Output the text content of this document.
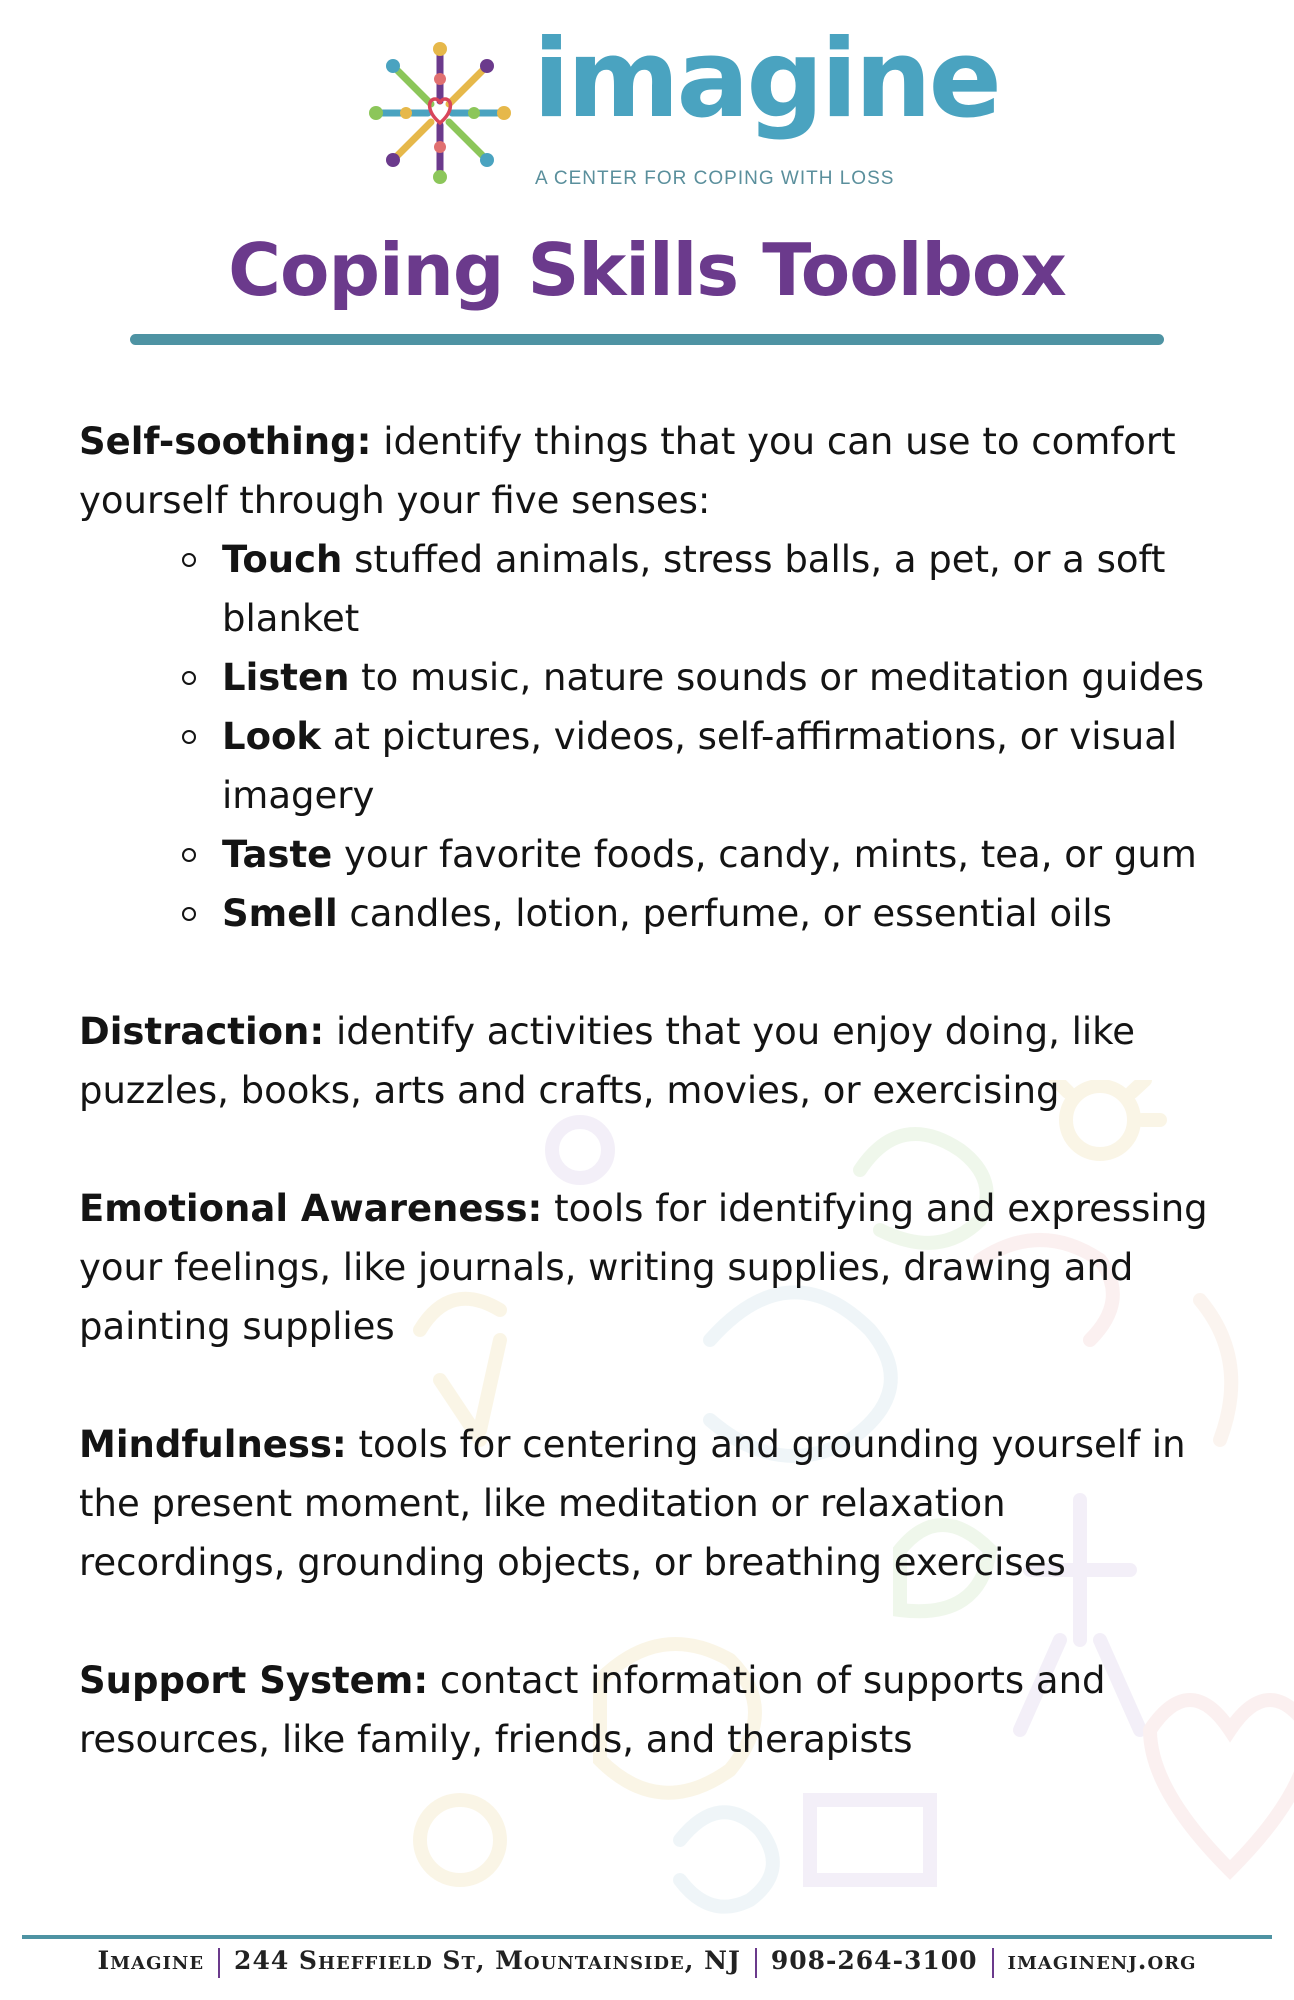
imagine
A CENTER FOR COPING WITH LOSS
Coping Skills Toolbox

Self-soothing: identify things that you can use to comfort yourself through your five senses:

Touch stuffed animals, stress balls, a pet, or a soft blanket
Listen to music, nature sounds or meditation guides
Look at pictures, videos, self-affirmations, or visual imagery
Taste your favorite foods, candy, mints, tea, or gum
Smell candles, lotion, perfume, or essential oils

Distraction: identify activities that you enjoy doing, like puzzles, books, arts and crafts, movies, or exercising

Emotional Awareness: tools for identifying and expressing your feelings, like journals, writing supplies, drawing and painting supplies

Mindfulness: tools for centering and grounding yourself in the present moment, like meditation or relaxation recordings, grounding objects, or breathing exercises

Support System: contact information of supports and resources, like family, friends, and therapists

Imagine 244 Sheffield St, Mountainside, NJ 908-264-3100 imaginenj.org
